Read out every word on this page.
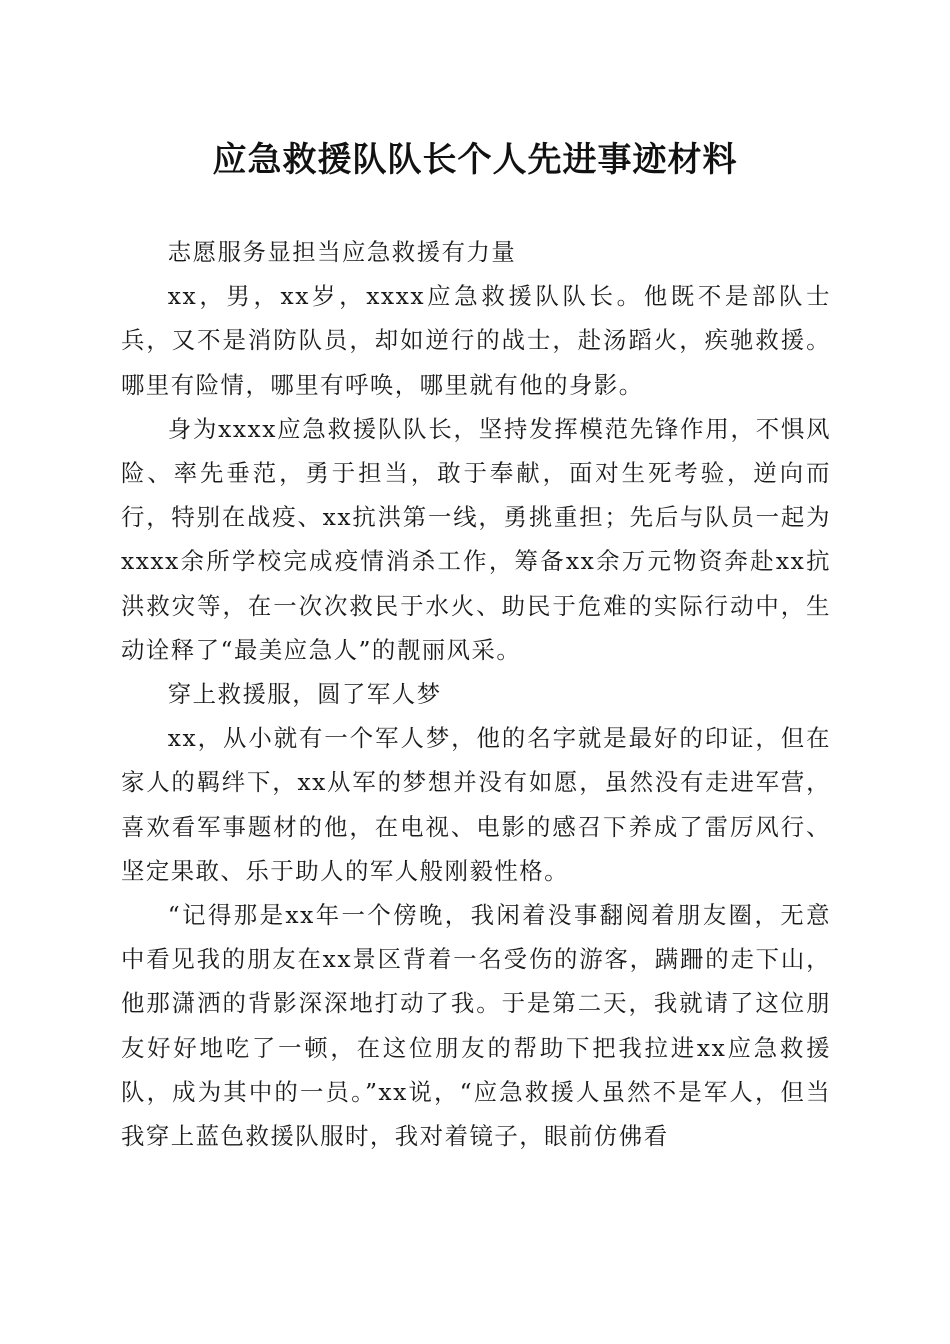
应急救援队队长个人先进事迹材料

志愿服务显担当应急救援有力量

xx，男，xx岁，xxxx应急救援队队长。他既不是部队士兵，又不是消防队员，却如逆行的战士，赴汤蹈火，疾驰救援。哪里有险情，哪里有呼唤，哪里就有他的身影。

身为xxxx应急救援队队长，坚持发挥模范先锋作用，不惧风险、率先垂范，勇于担当，敢于奉献，面对生死考验，逆向而行，特别在战疫、xx抗洪第一线，勇挑重担；先后与队员一起为xxxx余所学校完成疫情消杀工作，筹备xx余万元物资奔赴xx抗洪救灾等，在一次次救民于水火、助民于危难的实际行动中，生动诠释了“最美应急人”的靓丽风采。

穿上救援服，圆了军人梦

xx，从小就有一个军人梦，他的名字就是最好的印证，但在家人的羁绊下，xx从军的梦想并没有如愿，虽然没有走进军营，喜欢看军事题材的他，在电视、电影的感召下养成了雷厉风行、坚定果敢、乐于助人的军人般刚毅性格。

“记得那是xx年一个傍晚，我闲着没事翻阅着朋友圈，无意中看见我的朋友在xx景区背着一名受伤的游客，蹒跚的走下山，他那潇洒的背影深深地打动了我。于是第二天，我就请了这位朋友好好地吃了一顿，在这位朋友的帮助下把我拉进xx应急救援队，成为其中的一员。”xx说，“应急救援人虽然不是军人，但当我穿上蓝色救援队服时，我对着镜子，眼前仿佛看
